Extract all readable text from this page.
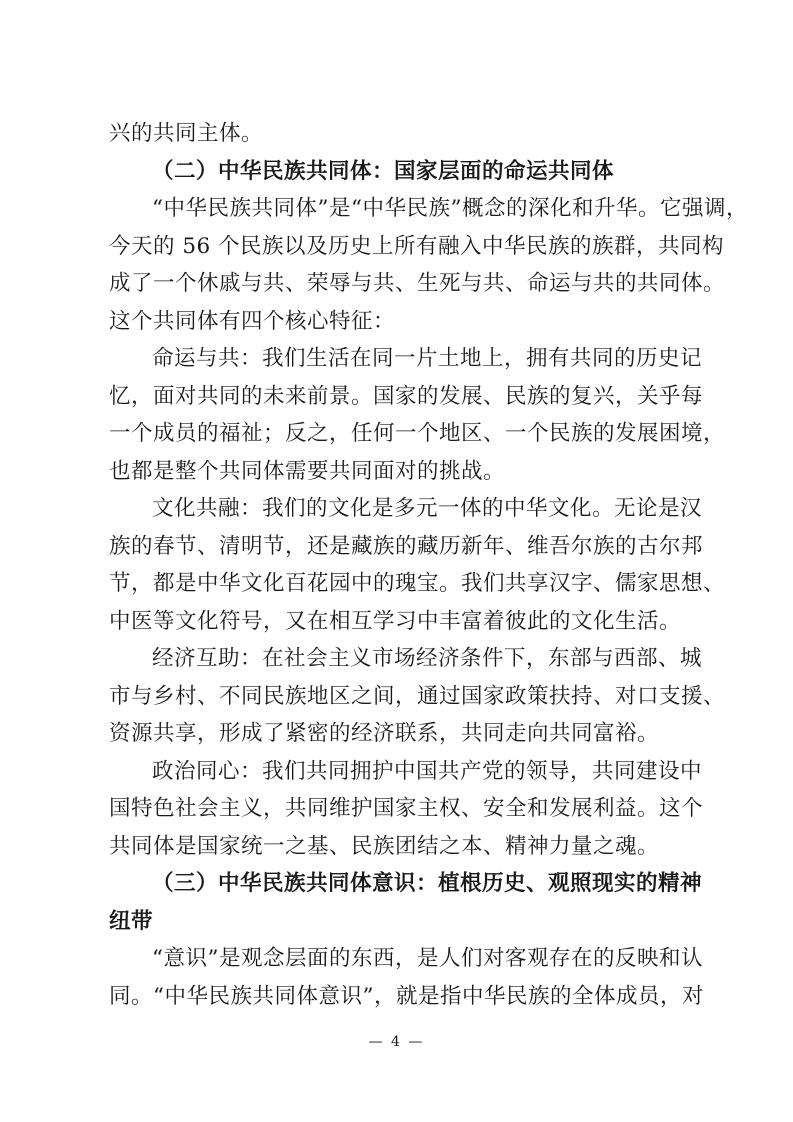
兴的共同主体。
（二）中华民族共同体：国家层面的命运共同体
“中华民族共同体”是“中华民族”概念的深化和升华。它强调，
今天的 56 个民族以及历史上所有融入中华民族的族群，共同构
成了一个休戚与共、荣辱与共、生死与共、命运与共的共同体。
这个共同体有四个核心特征：
命运与共：我们生活在同一片土地上，拥有共同的历史记
忆，面对共同的未来前景。国家的发展、民族的复兴，关乎每
一个成员的福祉；反之，任何一个地区、一个民族的发展困境，
也都是整个共同体需要共同面对的挑战。
文化共融：我们的文化是多元一体的中华文化。无论是汉
族的春节、清明节，还是藏族的藏历新年、维吾尔族的古尔邦
节，都是中华文化百花园中的瑰宝。我们共享汉字、儒家思想、
中医等文化符号，又在相互学习中丰富着彼此的文化生活。
经济互助：在社会主义市场经济条件下，东部与西部、城
市与乡村、不同民族地区之间，通过国家政策扶持、对口支援、
资源共享，形成了紧密的经济联系，共同走向共同富裕。
政治同心：我们共同拥护中国共产党的领导，共同建设中
国特色社会主义，共同维护国家主权、安全和发展利益。这个
共同体是国家统一之基、民族团结之本、精神力量之魂。
（三）中华民族共同体意识：植根历史、观照现实的精神
纽带
“意识”是观念层面的东西，是人们对客观存在的反映和认
同。“中华民族共同体意识”，就是指中华民族的全体成员，对
— 4 —
